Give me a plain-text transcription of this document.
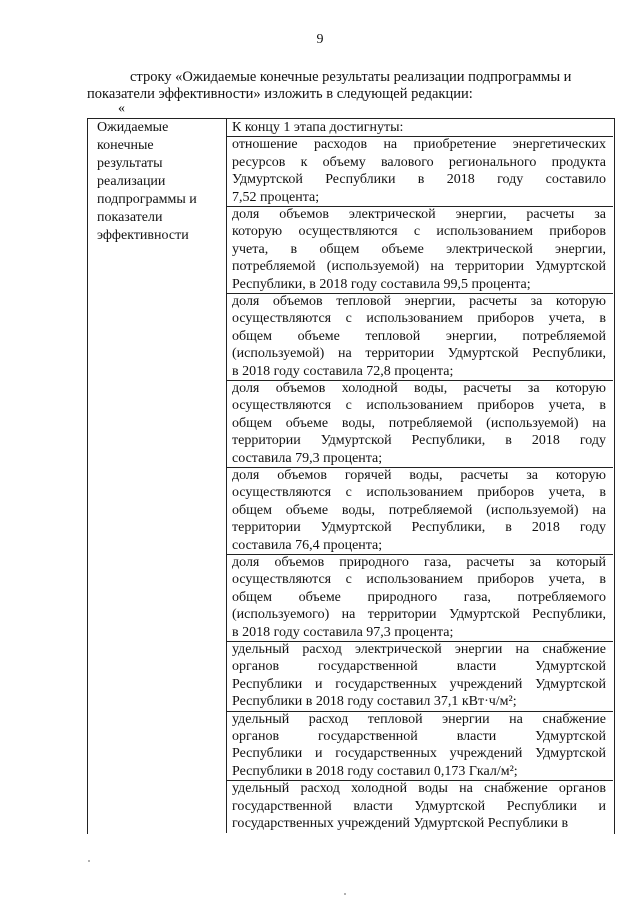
9
строку «Ожидаемые конечные результаты реализации подпрограммы и
показатели эффективности» изложить в следующей редакции:
«
Ожидаемые
конечные
результаты
реализации
подпрограммы и
показатели
эффективности
К концу 1 этапа достигнуты:
отношение расходов на приобретение энергетических
ресурсов к объему валового регионального продукта
Удмуртской Республики в 2018 году составило
7,52 процента;
доля объемов электрической энергии, расчеты за
которую осуществляются с использованием приборов
учета, в общем объеме электрической энергии,
потребляемой (используемой) на территории Удмуртской
Республики, в 2018 году составила 99,5 процента;
доля объемов тепловой энергии, расчеты за которую
осуществляются с использованием приборов учета, в
общем объеме тепловой энергии, потребляемой
(используемой) на территории Удмуртской Республики,
в 2018 году составила 72,8 процента;
доля объемов холодной воды, расчеты за которую
осуществляются с использованием приборов учета, в
общем объеме воды, потребляемой (используемой) на
территории Удмуртской Республики, в 2018 году
составила 79,3 процента;
доля объемов горячей воды, расчеты за которую
осуществляются с использованием приборов учета, в
общем объеме воды, потребляемой (используемой) на
территории Удмуртской Республики, в 2018 году
составила 76,4 процента;
доля объемов природного газа, расчеты за который
осуществляются с использованием приборов учета, в
общем объеме природного газа, потребляемого
(используемого) на территории Удмуртской Республики,
в 2018 году составила 97,3 процента;
удельный расход электрической энергии на снабжение
органов государственной власти Удмуртской
Республики и государственных учреждений Удмуртской
Республики в 2018 году составил 37,1 кВт·ч/м²;
удельный расход тепловой энергии на снабжение
органов государственной власти Удмуртской
Республики и государственных учреждений Удмуртской
Республики в 2018 году составил 0,173 Гкал/м²;
удельный расход холодной воды на снабжение органов
государственной власти Удмуртской Республики и
государственных учреждений Удмуртской Республики в
